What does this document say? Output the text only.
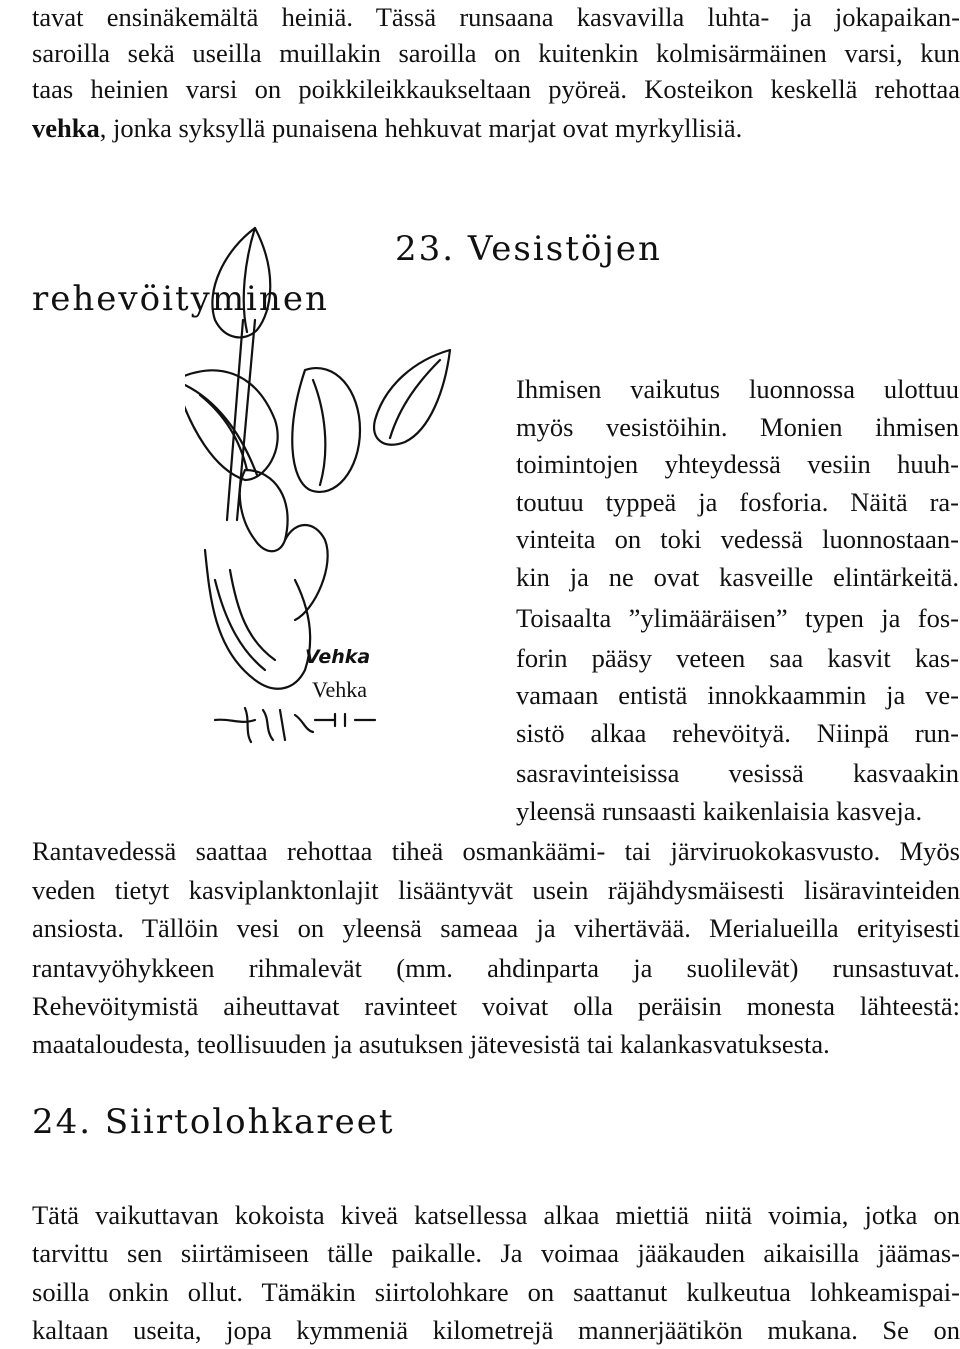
tavat ensinäkemältä heiniä. Tässä runsaana kasvavilla luhta- ja jokapaikan-
saroilla sekä useilla muillakin saroilla on kuitenkin kolmisärmäinen varsi, kun
taas heinien varsi on poikkileikkaukseltaan pyöreä. Kosteikon keskellä rehottaa
vehka, jonka syksyllä punaisena hehkuvat marjat ovat myrkyllisiä.
23. Vesistöjen
rehevöityminen
Vehka
Vehka
Ihmisen vaikutus luonnossa ulottuu
myös vesistöihin. Monien ihmisen
toimintojen yhteydessä vesiin huuh-
toutuu typpeä ja fosforia. Näitä ra-
vinteita on toki vedessä luonnostaan-
kin ja ne ovat kasveille elintärkeitä.
Toisaalta ”ylimääräisen” typen ja fos-
forin pääsy veteen saa kasvit kas-
vamaan entistä innokkaammin ja ve-
sistö alkaa rehevöityä. Niinpä run-
sasravinteisissa vesissä kasvaakin
yleensä runsaasti kaikenlaisia kasveja.
Rantavedessä saattaa rehottaa tiheä osmankäämi- tai järviruokokasvusto. Myös
veden tietyt kasviplanktonlajit lisääntyvät usein räjähdysmäisesti lisäravinteiden
ansiosta. Tällöin vesi on yleensä sameaa ja vihertävää. Merialueilla erityisesti
rantavyöhykkeen rihmalevät (mm. ahdinparta ja suolilevät) runsastuvat.
Rehevöitymistä aiheuttavat ravinteet voivat olla peräisin monesta lähteestä:
maataloudesta, teollisuuden ja asutuksen jätevesistä tai kalankasvatuksesta.
24. Siirtolohkareet
Tätä vaikuttavan kokoista kiveä katsellessa alkaa miettiä niitä voimia, jotka on
tarvittu sen siirtämiseen tälle paikalle. Ja voimaa jääkauden aikaisilla jäämas-
soilla onkin ollut. Tämäkin siirtolohkare on saattanut kulkeutua lohkeamispai-
kaltaan useita, jopa kymmeniä kilometrejä mannerjäätikön mukana. Se on
